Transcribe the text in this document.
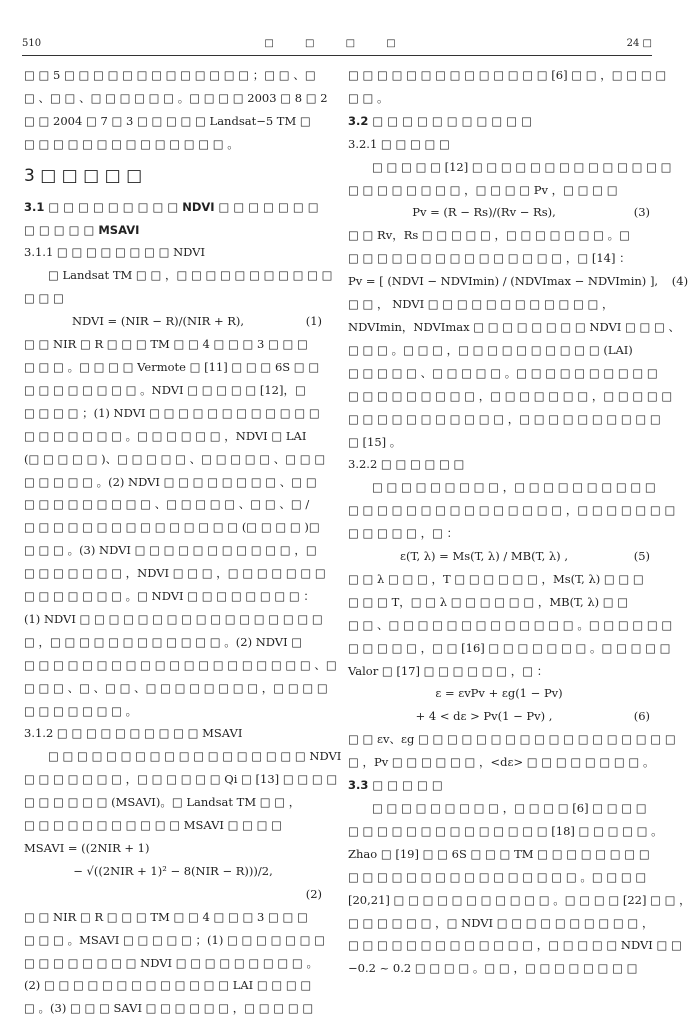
510	□ □ □ □	24 □
□ □ 5 □ □ □ □ □ □ □ □ □ □ □ □ □ ；□ □ 、□
□ 、□ □ 、□ □ □ □ □ □ 。□ □ □ □ 2003 □ 8 □ 2
□ □ 2004 □ 7 □ 3 □ □ □ □ □ Landsat−5 TM □
□ □ □ □ □ □ □ □ □ □ □ □ □ □ 。
3 □ □ □ □ □
3.1 □ □ □ □ □ □ □ □ □ NDVI □ □ □ □ □ □ □
□ □ □ □ □ MSAVI
3.1.1 □ □ □ □ □ □ □ □ NDVI
□ Landsat TM □ □ ，□ □ □ □ □ □ □ □ □ □ □
□ □ □
NDVI = (NIR − R)/(NIR + R),	(1)
□ □ NIR □ R □ □ □ TM □ □ 4 □ □ □ 3 □ □ □
□ □ □ 。□ □ □ □ Vermote □ [11] □ □ □ 6S □ □
□ □ □ □ □ □ □ □ 。NDVI □ □ □ □ □ [12]，□
□ □ □ □ ；(1) NDVI □ □ □ □ □ □ □ □ □ □ □ □
□ □ □ □ □ □ □ 。□ □ □ □ □ □ ，NDVI □ LAI
(□ □ □ □ □ )、□ □ □ □ □ 、□ □ □ □ □ 、□ □ □
□ □ □ □ □ 。(2) NDVI □ □ □ □ □ □ □ □ 、□ □
□ □ □ □ □ □ □ □ □ 、□ □ □ □ □ 、□ □ 、□ /
□ □ □ □ □ □ □ □ □ □ □ □ □ □ □ (□ □ □ □ )□
□ □ □ 。(3) NDVI □ □ □ □ □ □ □ □ □ □ □ ，□
□ □ □ □ □ □ □ ，NDVI □ □ □ ，□ □ □ □ □ □ □
□ □ □ □ □ □ □ 。□ NDVI □ □ □ □ □ □ □ □ ：
(1) NDVI □ □ □ □ □ □ □ □ □ □ □ □ □ □ □ □ □
□ ，□ □ □ □ □ □ □ □ □ □ □ □ 。(2) NDVI □
□ □ □ □ □ □ □ □ □ □ □ □ □ □ □ □ □ □ □ □ 、□
□ □ □ 、□ 、□ □ 、□ □ □ □ □ □ □ □ ，□ □ □ □
□ □ □ □ □ □ □ 。
3.1.2 □ □ □ □ □ □ □ □ □ □ MSAVI
□ □ □ □ □ □ □ □ □ □ □ □ □ □ □ □ □ □ NDVI
□ □ □ □ □ □ □ ，□ □ □ □ □ □ Qi □ [13] □ □ □ □
□ □ □ □ □ □ (MSAVI)。□ Landsat TM □ □ ，
□ □ □ □ □ □ □ □ □ □ □ MSAVI □ □ □ □
MSAVI = ((2NIR + 1)
− √((2NIR + 1)² − 8(NIR − R)))/2,
(2)
□ □ NIR □ R □ □ □ TM □ □ 4 □ □ □ 3 □ □ □
□ □ □ 。MSAVI □ □ □ □ □ ；(1) □ □ □ □ □ □ □
□ □ □ □ □ □ □ □ NDVI □ □ □ □ □ □ □ □ □ 。
(2) □ □ □ □ □ □ □ □ □ □ □ □ □ LAI □ □ □ □
□ 。(3) □ □ □ SAVI □ □ □ □ □ □ ，□ □ □ □ □
□ □ □ □ □ □ □ □ □ □ □ □ □ □ [6] □ □ ，□ □ □ □
□ □ 。
3.2 □ □ □ □ □ □ □ □ □ □ □
3.2.1 □ □ □ □ □
□ □ □ □ □ [12] □ □ □ □ □ □ □ □ □ □ □ □ □ □
□ □ □ □ □ □ □ □ ，□ □ □ □ Pv ，□ □ □ □
Pv = (R − Rs)/(Rv − Rs),	(3)
□ □ Rv，Rs □ □ □ □ □ ，□ □ □ □ □ □ □ 。□
□ □ □ □ □ □ □ □ □ □ □ □ □ □ □ ，□ [14] ：
Pv = [ (NDVI − NDVImin) / (NDVImax − NDVImin) ],	(4)
□ □ ， NDVI □ □ □ □ □ □ □ □ □ □ □ □ ，
NDVImin，NDVImax □ □ □ □ □ □ □ □ NDVI □ □ □ 、
□ □ □ 。□ □ □ ，□ □ □ □ □ □ □ □ □ □ (LAI)
□ □ □ □ □ 、□ □ □ □ □ 。□ □ □ □ □ □ □ □ □ □
□ □ □ □ □ □ □ □ □ ，□ □ □ □ □ □ □ ，□ □ □ □ □
□ □ □ □ □ □ □ □ □ □ □ ，□ □ □ □ □ □ □ □ □ □
□ [15] 。
3.2.2 □ □ □ □ □ □
□ □ □ □ □ □ □ □ □ ，□ □ □ □ □ □ □ □ □ □
□ □ □ □ □ □ □ □ □ □ □ □ □ □ □ ，□ □ □ □ □ □ □
□ □ □ □ □ ，□ ：
ε(T, λ) = Ms(T, λ) / MB(T, λ) ,	(5)
□ □ λ □ □ □ ，T □ □ □ □ □ □ ，Ms(T, λ) □ □ □
□ □ □ T，□ □ λ □ □ □ □ □ □ ，MB(T, λ) □ □
□ □ 、□ □ □ □ □ □ □ □ □ □ □ □ □ 。□ □ □ □ □ □
□ □ □ □ □ ，□ □ [16] □ □ □ □ □ □ □ 。□ □ □ □ □
Valor □ [17] □ □ □ □ □ □ ，□ ：
ε = εvPv + εg(1 − Pv)
+ 4 < dε > Pv(1 − Pv) ,	(6)
□ □ εv、εg □ □ □ □ □ □ □ □ □ □ □ □ □ □ □ □ □ □
□ ，Pv □ □ □ □ □ □ ，<dε> □ □ □ □ □ □ □ □ 。
3.3 □ □ □ □ □
□ □ □ □ □ □ □ □ □ ，□ □ □ □ [6] □ □ □ □
□ □ □ □ □ □ □ □ □ □ □ □ □ □ [18] □ □ □ □ □ 。
Zhao □ [19] □ □ 6S □ □ □ TM □ □ □ □ □ □ □ □
□ □ □ □ □ □ □ □ □ □ □ □ □ □ □ □ 。□ □ □ □
[20,21] □ □ □ □ □ □ □ □ □ □ □ 。□ □ □ □ [22] □ □ ，
□ □ □ □ □ □ ，□ NDVI □ □ □ □ □ □ □ □ □ □ ，
□ □ □ □ □ □ □ □ □ □ □ □ □ ，□ □ □ □ □ NDVI □ □
−0.2 ~ 0.2 □ □ □ □ 。□ □ ，□ □ □ □ □ □ □ □
